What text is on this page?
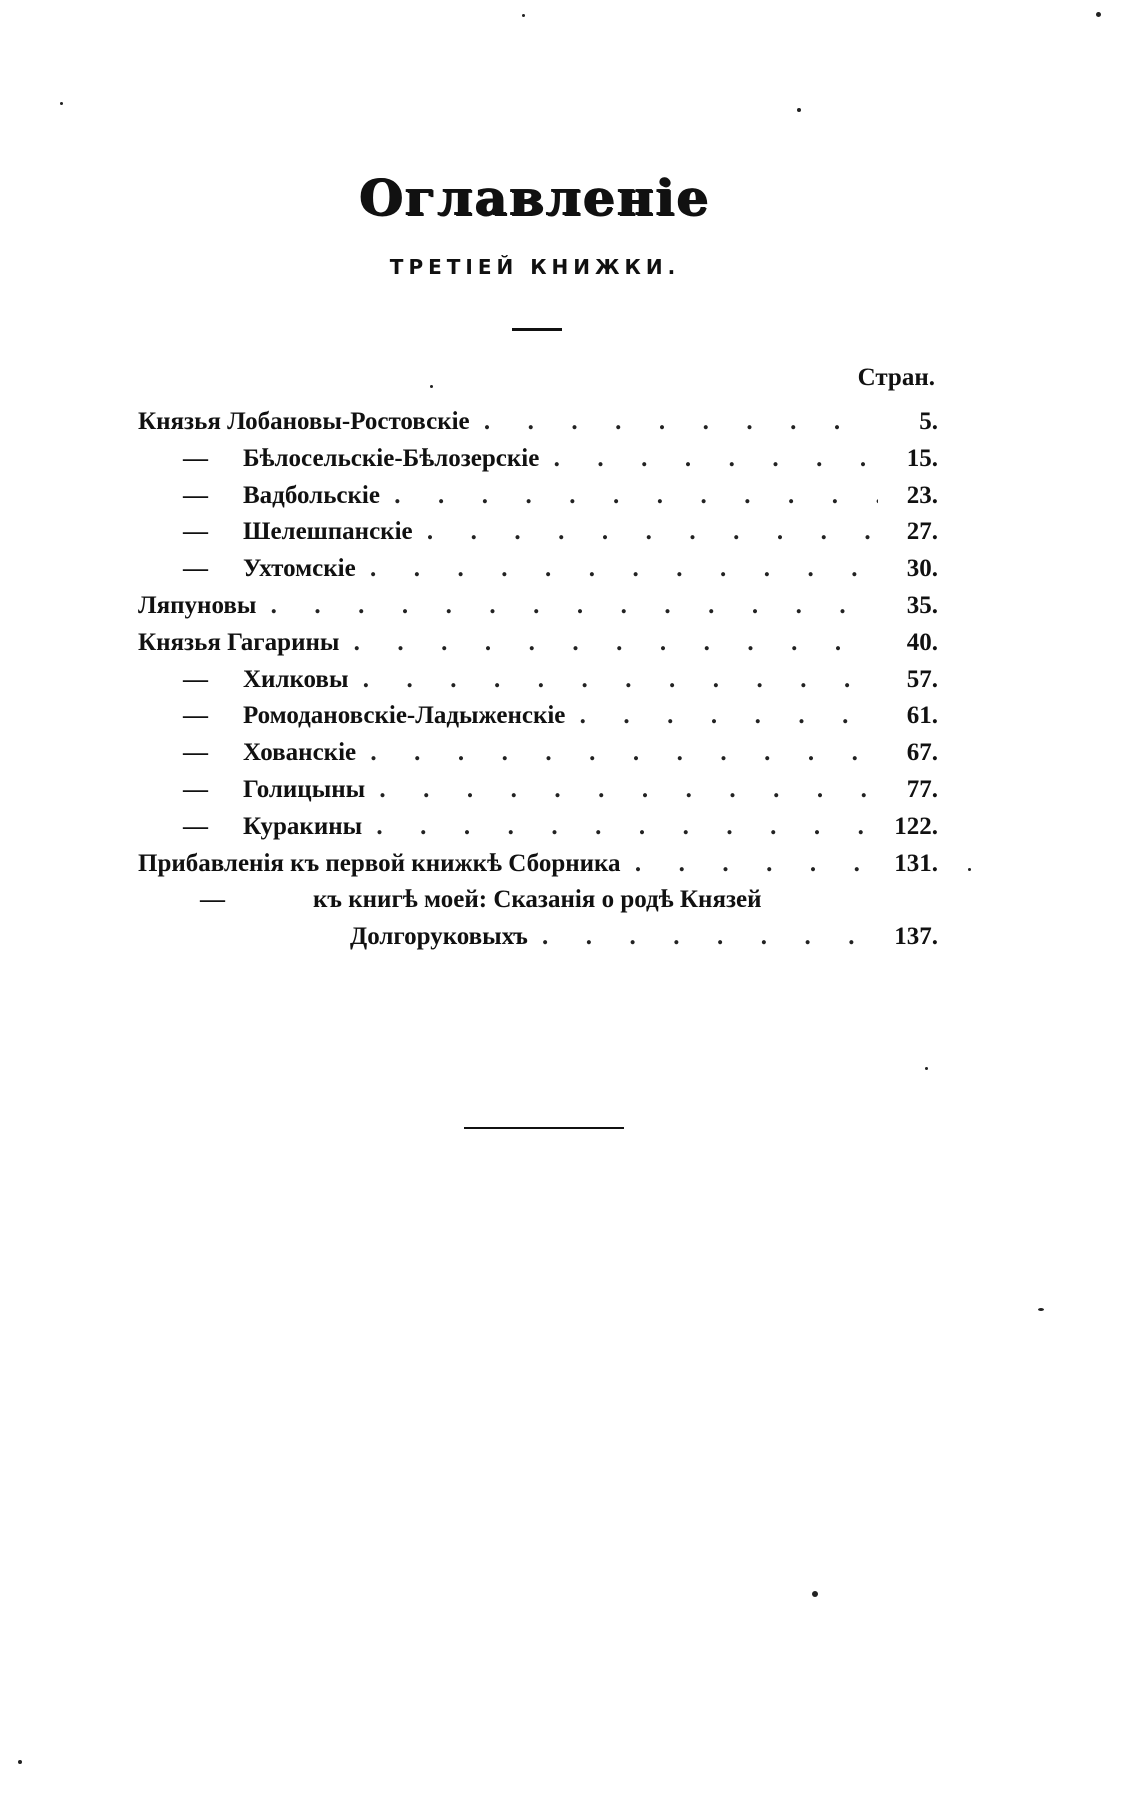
Оглавленіе
ТРЕТІЕЙ КНИЖКИ.
Стран.
Князья Лобановы-Ростовскіе .	5.
—	Бѣлосельскіе-Бѣлозерскіе .	15.
—	Вадбольскіе .	23.
—	Шелешпанскіе .	27.
—	Ухтомскіе .	30.
Ляпуновы .	35.
Князья Гагарины .	40.
—	Хилковы .	57.
—	Ромодановскіе-Ладыженскіе .	61.
—	Хованскіе .	67.
—	Голицыны .	77.
—	Куракины .	122.
Прибавленія къ первой книжкѣ Сборника .	131.
—	къ книгѣ моей: Сказанія о родѣ Князей
Долгоруковыхъ .	137.
